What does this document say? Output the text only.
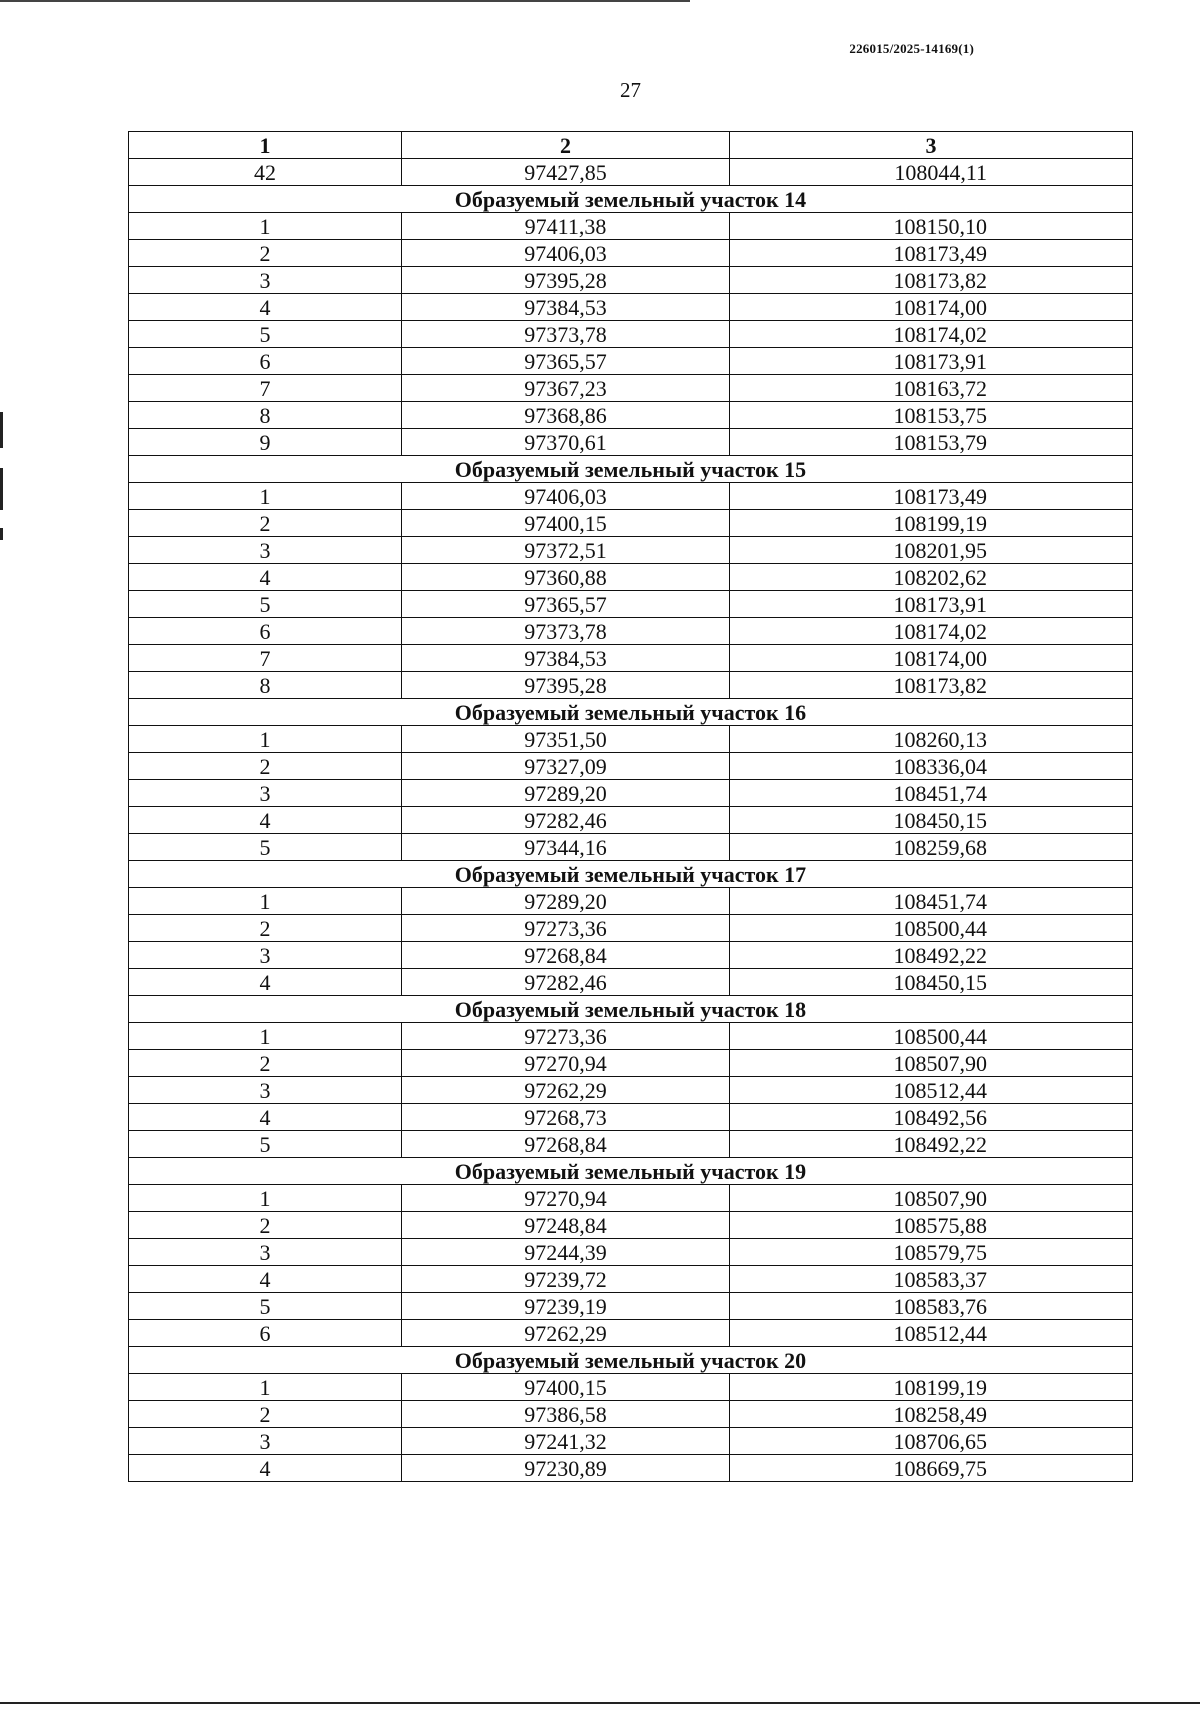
226015/2025-14169(1)
27
1	2	3
42	97427,85	108044,11
Образуемый земельный участок 14		
1	97411,38	108150,10
2	97406,03	108173,49
3	97395,28	108173,82
4	97384,53	108174,00
5	97373,78	108174,02
6	97365,57	108173,91
7	97367,23	108163,72
8	97368,86	108153,75
9	97370,61	108153,79
Образуемый земельный участок 15		
1	97406,03	108173,49
2	97400,15	108199,19
3	97372,51	108201,95
4	97360,88	108202,62
5	97365,57	108173,91
6	97373,78	108174,02
7	97384,53	108174,00
8	97395,28	108173,82
Образуемый земельный участок 16		
1	97351,50	108260,13
2	97327,09	108336,04
3	97289,20	108451,74
4	97282,46	108450,15
5	97344,16	108259,68
Образуемый земельный участок 17		
1	97289,20	108451,74
2	97273,36	108500,44
3	97268,84	108492,22
4	97282,46	108450,15
Образуемый земельный участок 18		
1	97273,36	108500,44
2	97270,94	108507,90
3	97262,29	108512,44
4	97268,73	108492,56
5	97268,84	108492,22
Образуемый земельный участок 19		
1	97270,94	108507,90
2	97248,84	108575,88
3	97244,39	108579,75
4	97239,72	108583,37
5	97239,19	108583,76
6	97262,29	108512,44
Образуемый земельный участок 20		
1	97400,15	108199,19
2	97386,58	108258,49
3	97241,32	108706,65
4	97230,89	108669,75
